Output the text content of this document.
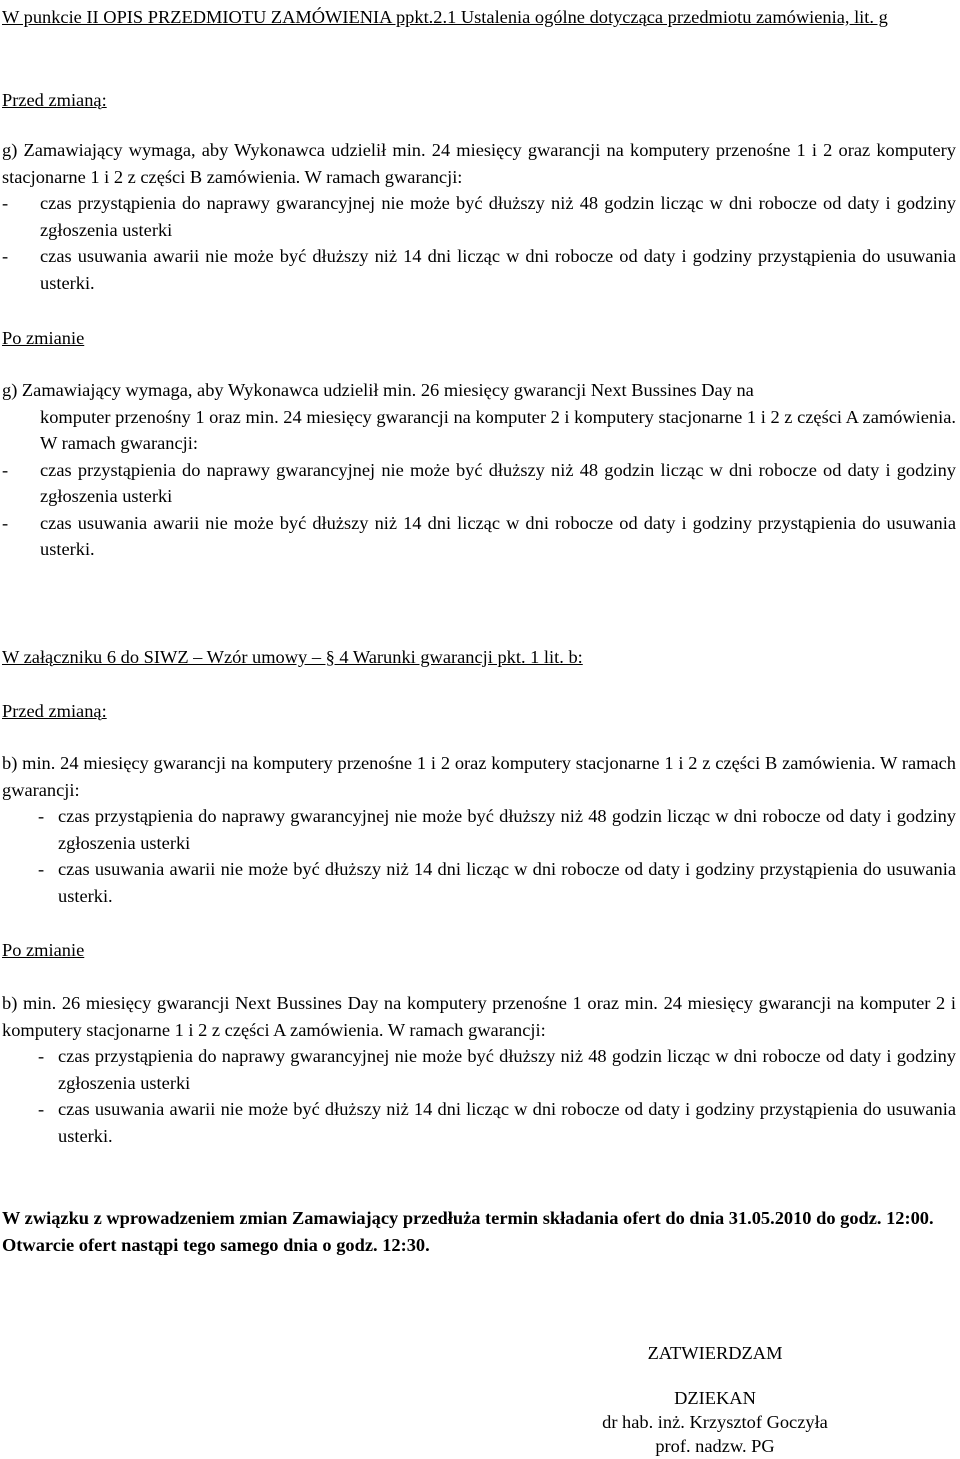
W punkcie II OPIS PRZEDMIOTU ZAMÓWIENIA ppkt.2.1 Ustalenia ogólne dotycząca przedmiotu zamówienia, lit. g

Przed zmianą:

g) Zamawiający wymaga, aby Wykonawca udzielił min. 24 miesięcy gwarancji na komputery przenośne 1 i 2 oraz komputery stacjonarne 1 i 2 z części B zamówienia. W ramach gwarancji:
- czas przystąpienia do naprawy gwarancyjnej nie może być dłuższy niż 48 godzin licząc w dni robocze od daty i godziny zgłoszenia usterki
- czas usuwania awarii nie może być dłuższy niż 14 dni licząc w dni robocze od daty i godziny przystąpienia do usuwania usterki.

Po zmianie

g) Zamawiający wymaga, aby Wykonawca udzielił min. 26 miesięcy gwarancji Next Bussines Day na
komputer przenośny 1 oraz min. 24 miesięcy gwarancji na komputer 2 i komputery stacjonarne 1 i 2 z części A zamówienia. W ramach gwarancji:
- czas przystąpienia do naprawy gwarancyjnej nie może być dłuższy niż 48 godzin licząc w dni robocze od daty i godziny zgłoszenia usterki
- czas usuwania awarii nie może być dłuższy niż 14 dni licząc w dni robocze od daty i godziny przystąpienia do usuwania usterki.

W załączniku 6 do SIWZ – Wzór umowy – § 4 Warunki gwarancji pkt. 1 lit. b:

Przed zmianą:

b) min. 24 miesięcy gwarancji na komputery przenośne 1 i 2 oraz komputery stacjonarne 1 i 2 z części B zamówienia. W ramach gwarancji:
- czas przystąpienia do naprawy gwarancyjnej nie może być dłuższy niż 48 godzin licząc w dni robocze od daty i godziny zgłoszenia usterki
- czas usuwania awarii nie może być dłuższy niż 14 dni licząc w dni robocze od daty i godziny przystąpienia do usuwania usterki.

Po zmianie

b) min. 26 miesięcy gwarancji Next Bussines Day na komputery przenośne 1 oraz min. 24 miesięcy gwarancji na komputer 2 i komputery stacjonarne 1 i 2 z części A zamówienia. W ramach gwarancji:
- czas przystąpienia do naprawy gwarancyjnej nie może być dłuższy niż 48 godzin licząc w dni robocze od daty i godziny zgłoszenia usterki
- czas usuwania awarii nie może być dłuższy niż 14 dni licząc w dni robocze od daty i godziny przystąpienia do usuwania usterki.
W związku z wprowadzeniem zmian Zamawiający przedłuża termin składania ofert do dnia 31.05.2010 do godz. 12:00.
Otwarcie ofert nastąpi tego samego dnia o godz. 12:30.
ZATWIERDZAM
DZIEKAN
dr hab. inż. Krzysztof Goczyła
prof. nadzw. PG
